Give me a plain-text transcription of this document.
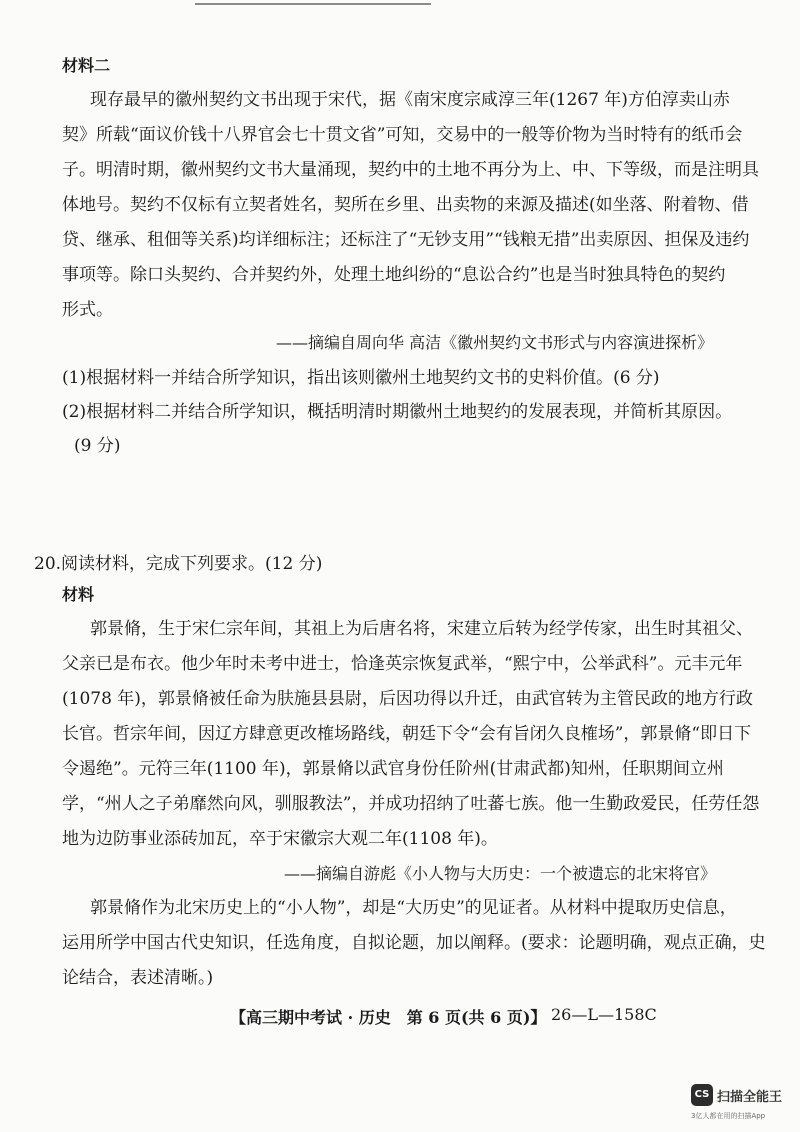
材料二
现存最早的徽州契约文书出现于宋代，据《南宋度宗咸淳三年(1267 年)方伯淳卖山赤
契》所载“面议价钱十八界官会七十贯文省”可知，交易中的一般等价物为当时特有的纸币会
子。明清时期，徽州契约文书大量涌现，契约中的土地不再分为上、中、下等级，而是注明具
体地号。契约不仅标有立契者姓名，契所在乡里、出卖物的来源及描述(如坐落、附着物、借
贷、继承、租佃等关系)均详细标注；还标注了“无钞支用”“钱粮无措”出卖原因、担保及违约
事项等。除口头契约、合并契约外，处理土地纠纷的“息讼合约”也是当时独具特色的契约
形式。
——摘编自周向华 高洁《徽州契约文书形式与内容演进探析》
(1)根据材料一并结合所学知识，指出该则徽州土地契约文书的史料价值。(6 分)
(2)根据材料二并结合所学知识，概括明清时期徽州土地契约的发展表现，并简析其原因。
(9 分)
20.阅读材料，完成下列要求。(12 分)
材料
郭景脩，生于宋仁宗年间，其祖上为后唐名将，宋建立后转为经学传家，出生时其祖父、
父亲已是布衣。他少年时未考中进士，恰逢英宗恢复武举，“熙宁中，公举武科”。元丰元年
(1078 年)，郭景脩被任命为肤施县县尉，后因功得以升迁，由武官转为主管民政的地方行政
长官。哲宗年间，因辽方肆意更改榷场路线，朝廷下令“会有旨闭久良榷场”，郭景脩“即日下
令遏绝”。元符三年(1100 年)，郭景脩以武官身份任阶州(甘肃武都)知州，任职期间立州
学，“州人之子弟靡然向风，驯服教法”，并成功招纳了吐蕃七族。他一生勤政爱民，任劳任怨
地为边防事业添砖加瓦，卒于宋徽宗大观二年(1108 年)。
——摘编自游彪《小人物与大历史：一个被遗忘的北宋将官》
郭景脩作为北宋历史上的“小人物”，却是“大历史”的见证者。从材料中提取历史信息，
运用所学中国古代史知识，任选角度，自拟论题，加以阐释。(要求：论题明确，观点正确，史
论结合，表述清晰。)
【高三期中考试 · 历史　第 6 页(共 6 页)】 26—L—158C
CS 扫描全能王
3亿人都在用的扫描App
